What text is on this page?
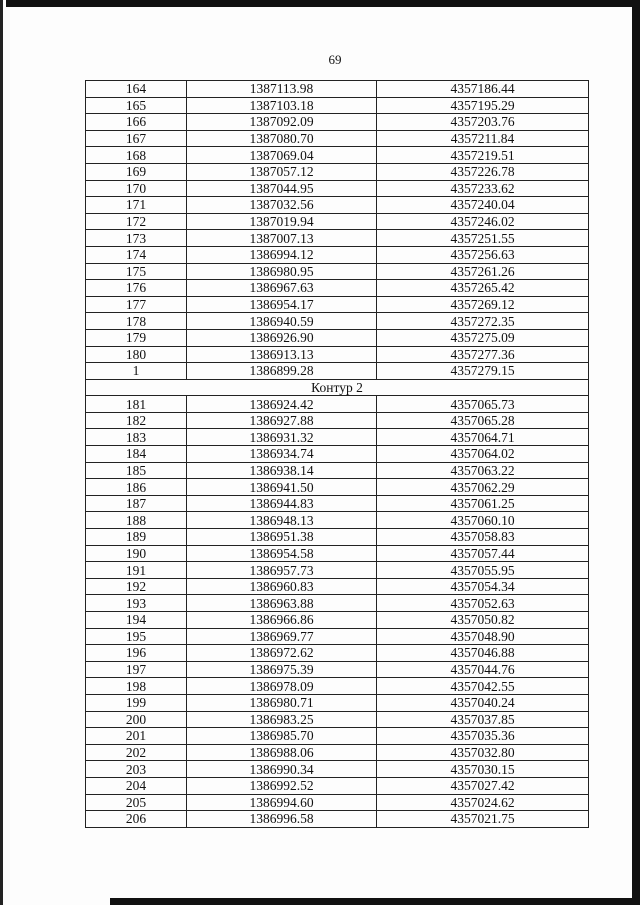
69
164	1387113.98	4357186.44
165	1387103.18	4357195.29
166	1387092.09	4357203.76
167	1387080.70	4357211.84
168	1387069.04	4357219.51
169	1387057.12	4357226.78
170	1387044.95	4357233.62
171	1387032.56	4357240.04
172	1387019.94	4357246.02
173	1387007.13	4357251.55
174	1386994.12	4357256.63
175	1386980.95	4357261.26
176	1386967.63	4357265.42
177	1386954.17	4357269.12
178	1386940.59	4357272.35
179	1386926.90	4357275.09
180	1386913.13	4357277.36
1	1386899.28	4357279.15
Контур 2		
181	1386924.42	4357065.73
182	1386927.88	4357065.28
183	1386931.32	4357064.71
184	1386934.74	4357064.02
185	1386938.14	4357063.22
186	1386941.50	4357062.29
187	1386944.83	4357061.25
188	1386948.13	4357060.10
189	1386951.38	4357058.83
190	1386954.58	4357057.44
191	1386957.73	4357055.95
192	1386960.83	4357054.34
193	1386963.88	4357052.63
194	1386966.86	4357050.82
195	1386969.77	4357048.90
196	1386972.62	4357046.88
197	1386975.39	4357044.76
198	1386978.09	4357042.55
199	1386980.71	4357040.24
200	1386983.25	4357037.85
201	1386985.70	4357035.36
202	1386988.06	4357032.80
203	1386990.34	4357030.15
204	1386992.52	4357027.42
205	1386994.60	4357024.62
206	1386996.58	4357021.75
